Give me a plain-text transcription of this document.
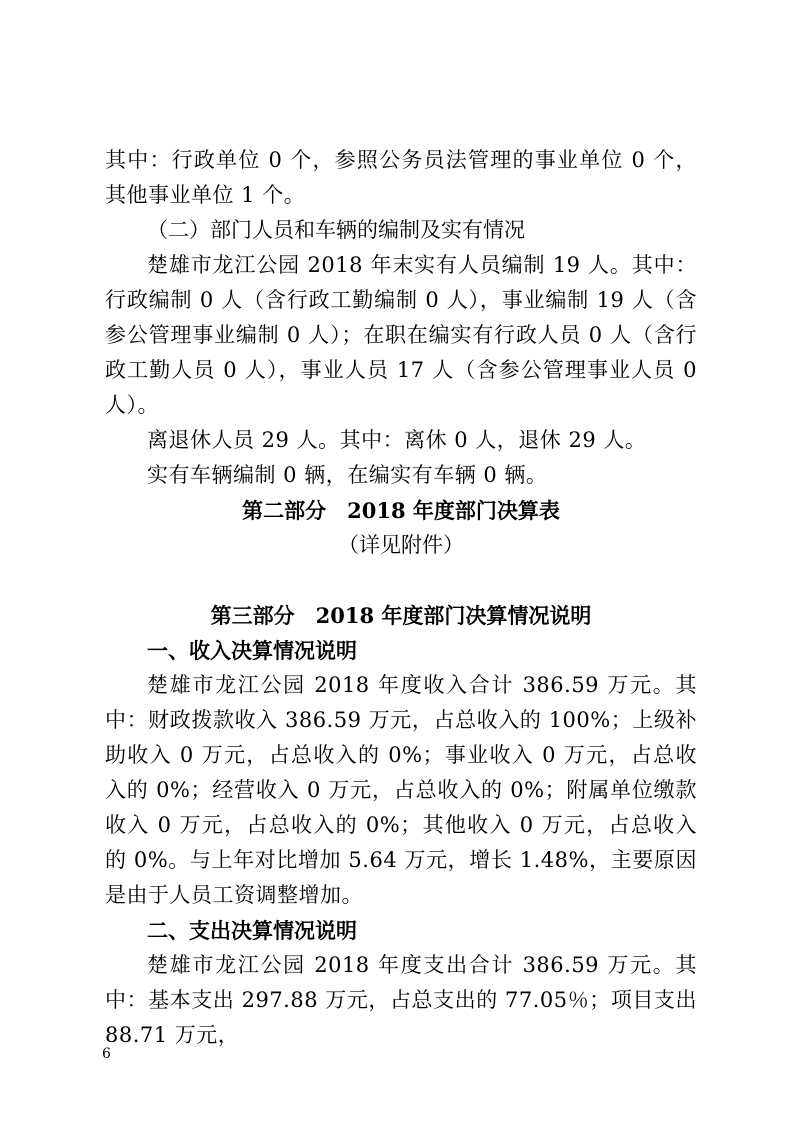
其中：行政单位 0 个，参照公务员法管理的事业单位 0 个，其他事业单位 1 个。

（二）部门人员和车辆的编制及实有情况

楚雄市龙江公园 2018 年末实有人员编制 19 人。其中：行政编制 0 人（含行政工勤编制 0 人），事业编制 19 人（含参公管理事业编制 0 人）；在职在编实有行政人员 0 人（含行政工勤人员 0 人），事业人员 17 人（含参公管理事业人员 0 人）。

离退休人员 29 人。其中：离休 0 人，退休 29 人。

实有车辆编制 0 辆，在编实有车辆 0 辆。

第二部分　2018 年度部门决算表

（详见附件）

第三部分　2018 年度部门决算情况说明

一、收入决算情况说明

楚雄市龙江公园 2018 年度收入合计 386.59 万元。其中：财政拨款收入 386.59 万元，占总收入的 100%；上级补助收入 0 万元，占总收入的 0%；事业收入 0 万元，占总收入的 0%；经营收入 0 万元，占总收入的 0%；附属单位缴款收入 0 万元，占总收入的 0%；其他收入 0 万元，占总收入的 0%。与上年对比增加 5.64 万元，增长 1.48%，主要原因是由于人员工资调整增加。

二、支出决算情况说明

楚雄市龙江公园 2018 年度支出合计 386.59 万元。其中：基本支出 297.88 万元，占总支出的 77.05％；项目支出 88.71 万元，

6
